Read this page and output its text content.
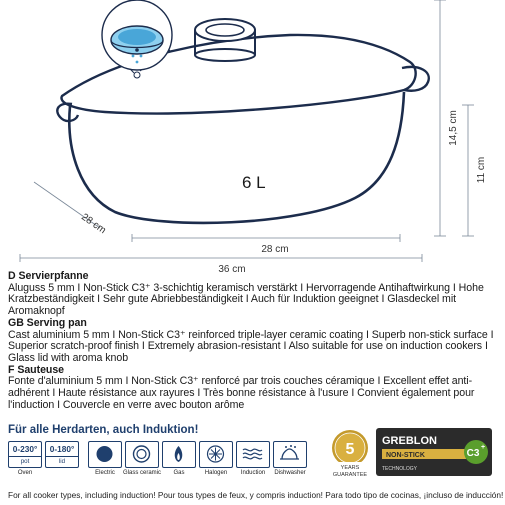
6 L
14,5 cm
11 cm
28 cm
28 cm
36 cm
D Servierpfanne
Aluguss 5 mm I Non-Stick C3⁺ 3-schichtig keramisch verstärkt I Hervorragende Antihaftwirkung I Hohe Kratzbeständigkeit I Sehr gute Abriebbeständigkeit I Auch für Induktion geeignet I Glasdeckel mit Aromaknopf
GB Serving pan
Cast aluminium 5 mm I Non-Stick C3⁺ reinforced triple-layer ceramic coating I Superb non-stick surface I Superior scratch-proof finish I Extremely abrasion-resistant I Also suitable for use on induction cookers I Glass lid with aroma knob
F Sauteuse
Fonte d'aluminium 5 mm I Non-Stick C3⁺ renforcé par trois couches céramique I Excellent effet anti-adhérent I Haute résistance aux rayures I Très bonne résistance à l'usure I Convient également pour l'induction I Couvercle en verre avec bouton arôme
Für alle Herdarten, auch Induktion!
0-230°
pot
0-180°
lid
Oven	Electric	Glass ceramic	Gas	Halogen	Induction	Dishwasher
5
YEARS
GUARANTEE
GREBLON
NON-STICK
TECHNOLOGY
C3
+
For all cooker types, including induction! Pour tous types de feux, y compris induction! Para todo tipo de cocinas, ¡incluso de inducción!
